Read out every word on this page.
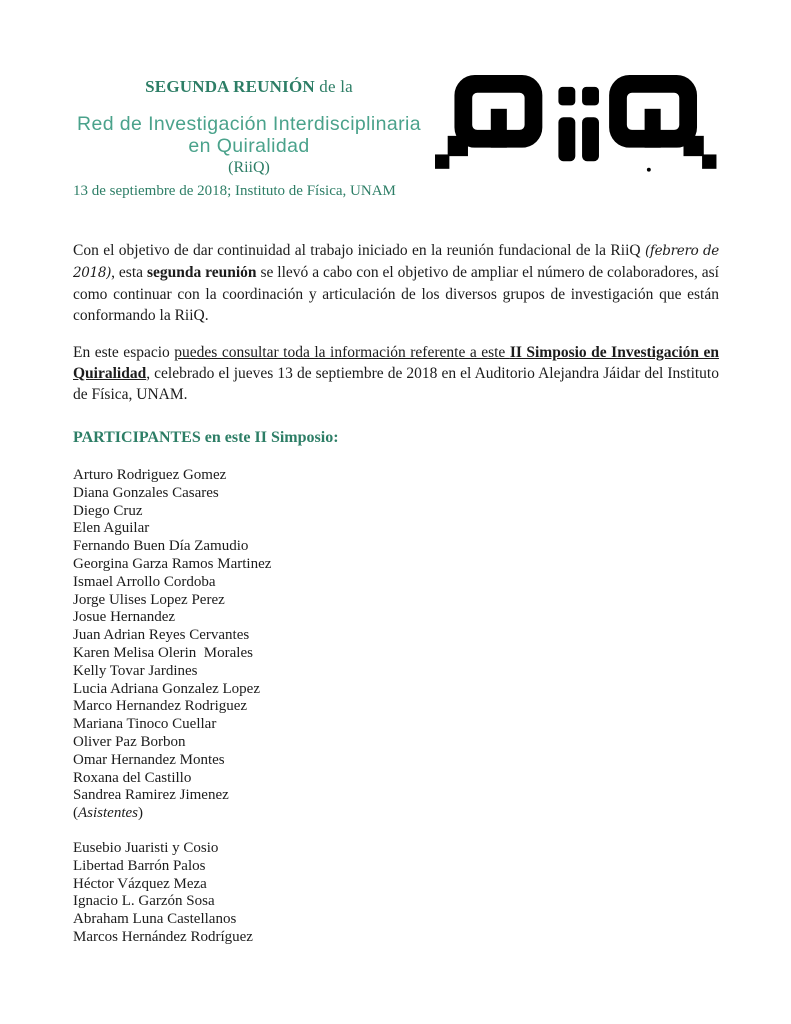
SEGUNDA REUNIÓN de la
Red de Investigación Interdisciplinaria
en Quiralidad
(RiiQ)
13 de septiembre de 2018; Instituto de Física, UNAM

Con el objetivo de dar continuidad al trabajo iniciado en la reunión fundacional de la RiiQ (febrero de 2018), esta segunda reunión se llevó a cabo con el objetivo de ampliar el número de colaboradores, así como continuar con la coordinación y articulación de los diversos grupos de investigación que están conformando la RiiQ.

En este espacio puedes consultar toda la información referente a este II Simposio de Investigación en Quiralidad, celebrado el jueves 13 de septiembre de 2018 en el Auditorio Alejandra Jáidar del Instituto de Física, UNAM.

PARTICIPANTES en este II Simposio:
Arturo Rodriguez Gomez
Diana Gonzales Casares
Diego Cruz
Elen Aguilar
Fernando Buen Día Zamudio
Georgina Garza Ramos Martinez
Ismael Arrollo Cordoba
Jorge Ulises Lopez Perez
Josue Hernandez
Juan Adrian Reyes Cervantes
Karen Melisa Olerin  Morales
Kelly Tovar Jardines
Lucia Adriana Gonzalez Lopez
Marco Hernandez Rodriguez
Mariana Tinoco Cuellar
Oliver Paz Borbon
Omar Hernandez Montes
Roxana del Castillo
Sandrea Ramirez Jimenez
(Asistentes)
Eusebio Juaristi y Cosio
Libertad Barrón Palos
Héctor Vázquez Meza
Ignacio L. Garzón Sosa
Abraham Luna Castellanos
Marcos Hernández Rodríguez
